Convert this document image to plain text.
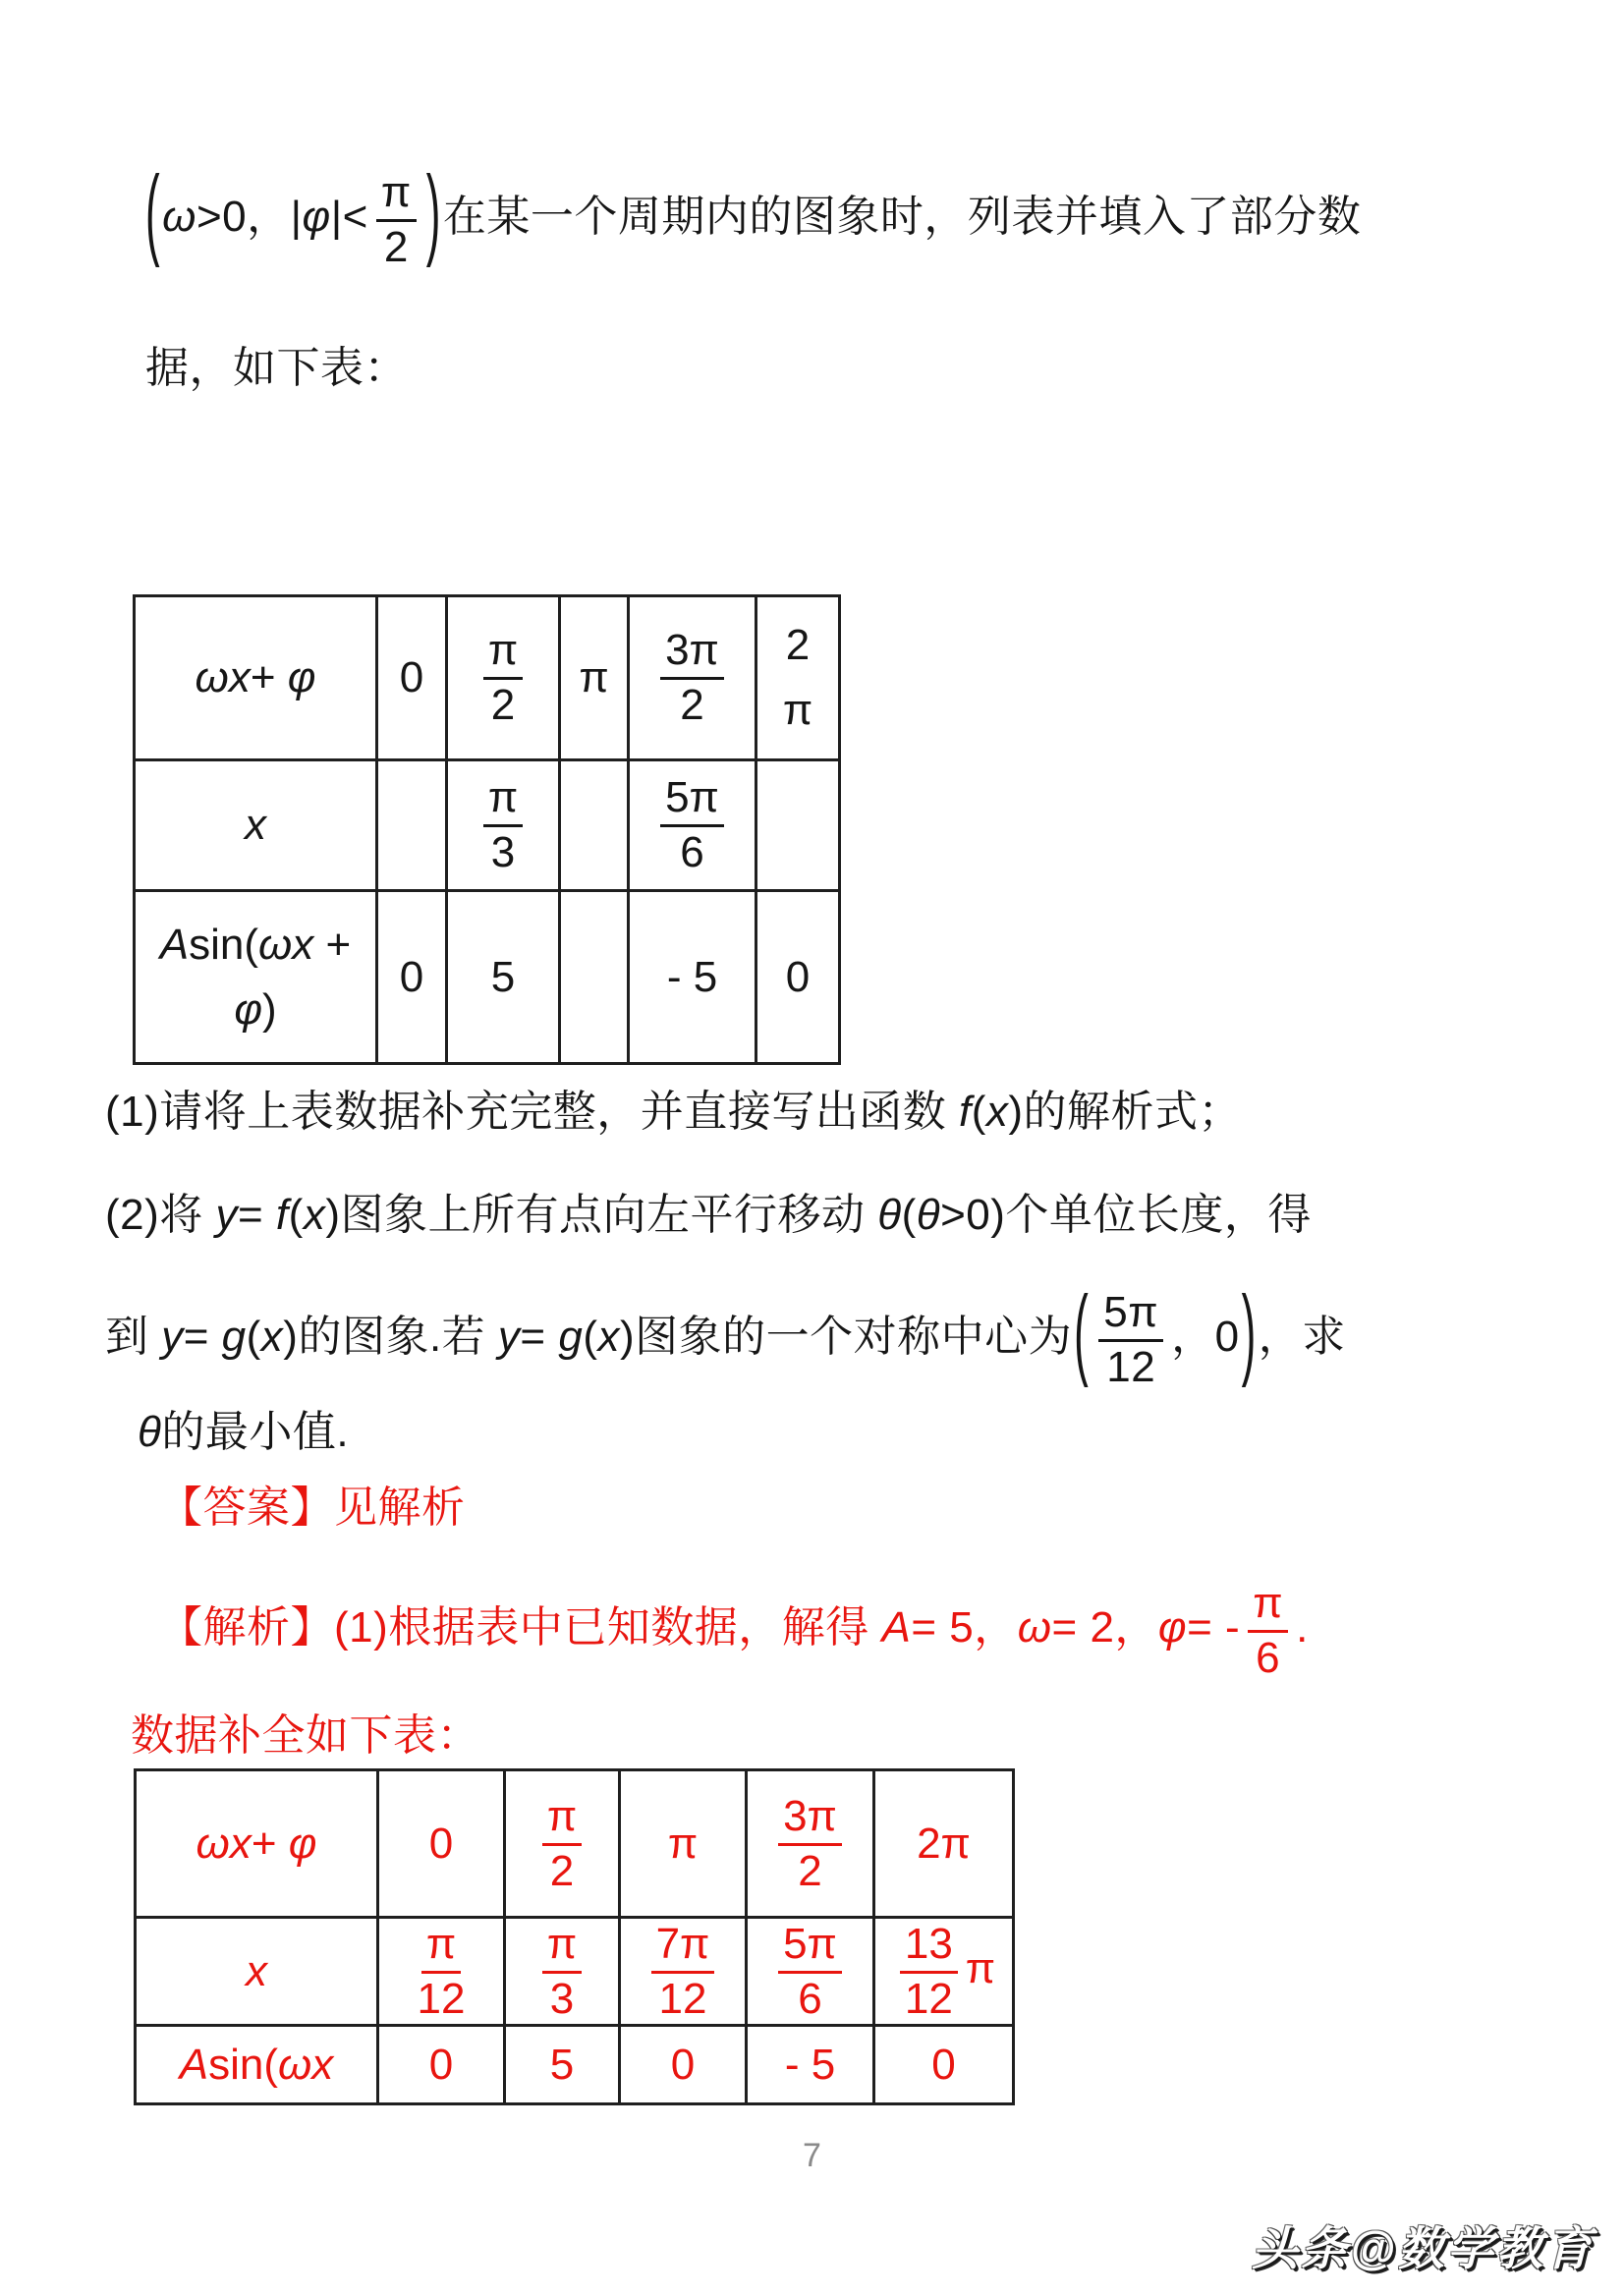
(ω>0，$|\varphi|< \frac{\pi}{2}$ )在某一个周期内的图象时，列表并填入了部分数
据，如下表：
ωx+ φ	0	$\frac{\pi}{2}$	π	$\frac{3\pi}{2}$	2π

x		$\frac{\pi}{3}$		$\frac{5\pi}{6}$

Asin(ωx + φ)	0	5		- 5	0
(1)请将上表数据补充完整，并直接写出函数 f(x)的解析式；
(2)将 y= f(x)图象上所有点向左平行移动 θ(θ>0)个单位长度，得
到 y= g(x)的图象.若 y= g(x)图象的一个对称中心为( $\frac{5\pi}{12}$ ，0)，求
θ的最小值.
【答案】见解析
【解析】(1)根据表中已知数据，解得 A= 5，ω= 2，$\varphi= - \frac{\pi}{6}$ .
数据补全如下表：
ωx+ φ	0	$\frac{\pi}{2}$	π	$\frac{3\pi}{2}$	2π
x	$\frac{\pi}{12}$	$\frac{\pi}{3}$	$\frac{7\pi}{12}$	$\frac{5\pi}{6}$	$\frac{13}{12}$ π
Asin(ωx	0	5	0	- 5	0
7
头条@数学教育
